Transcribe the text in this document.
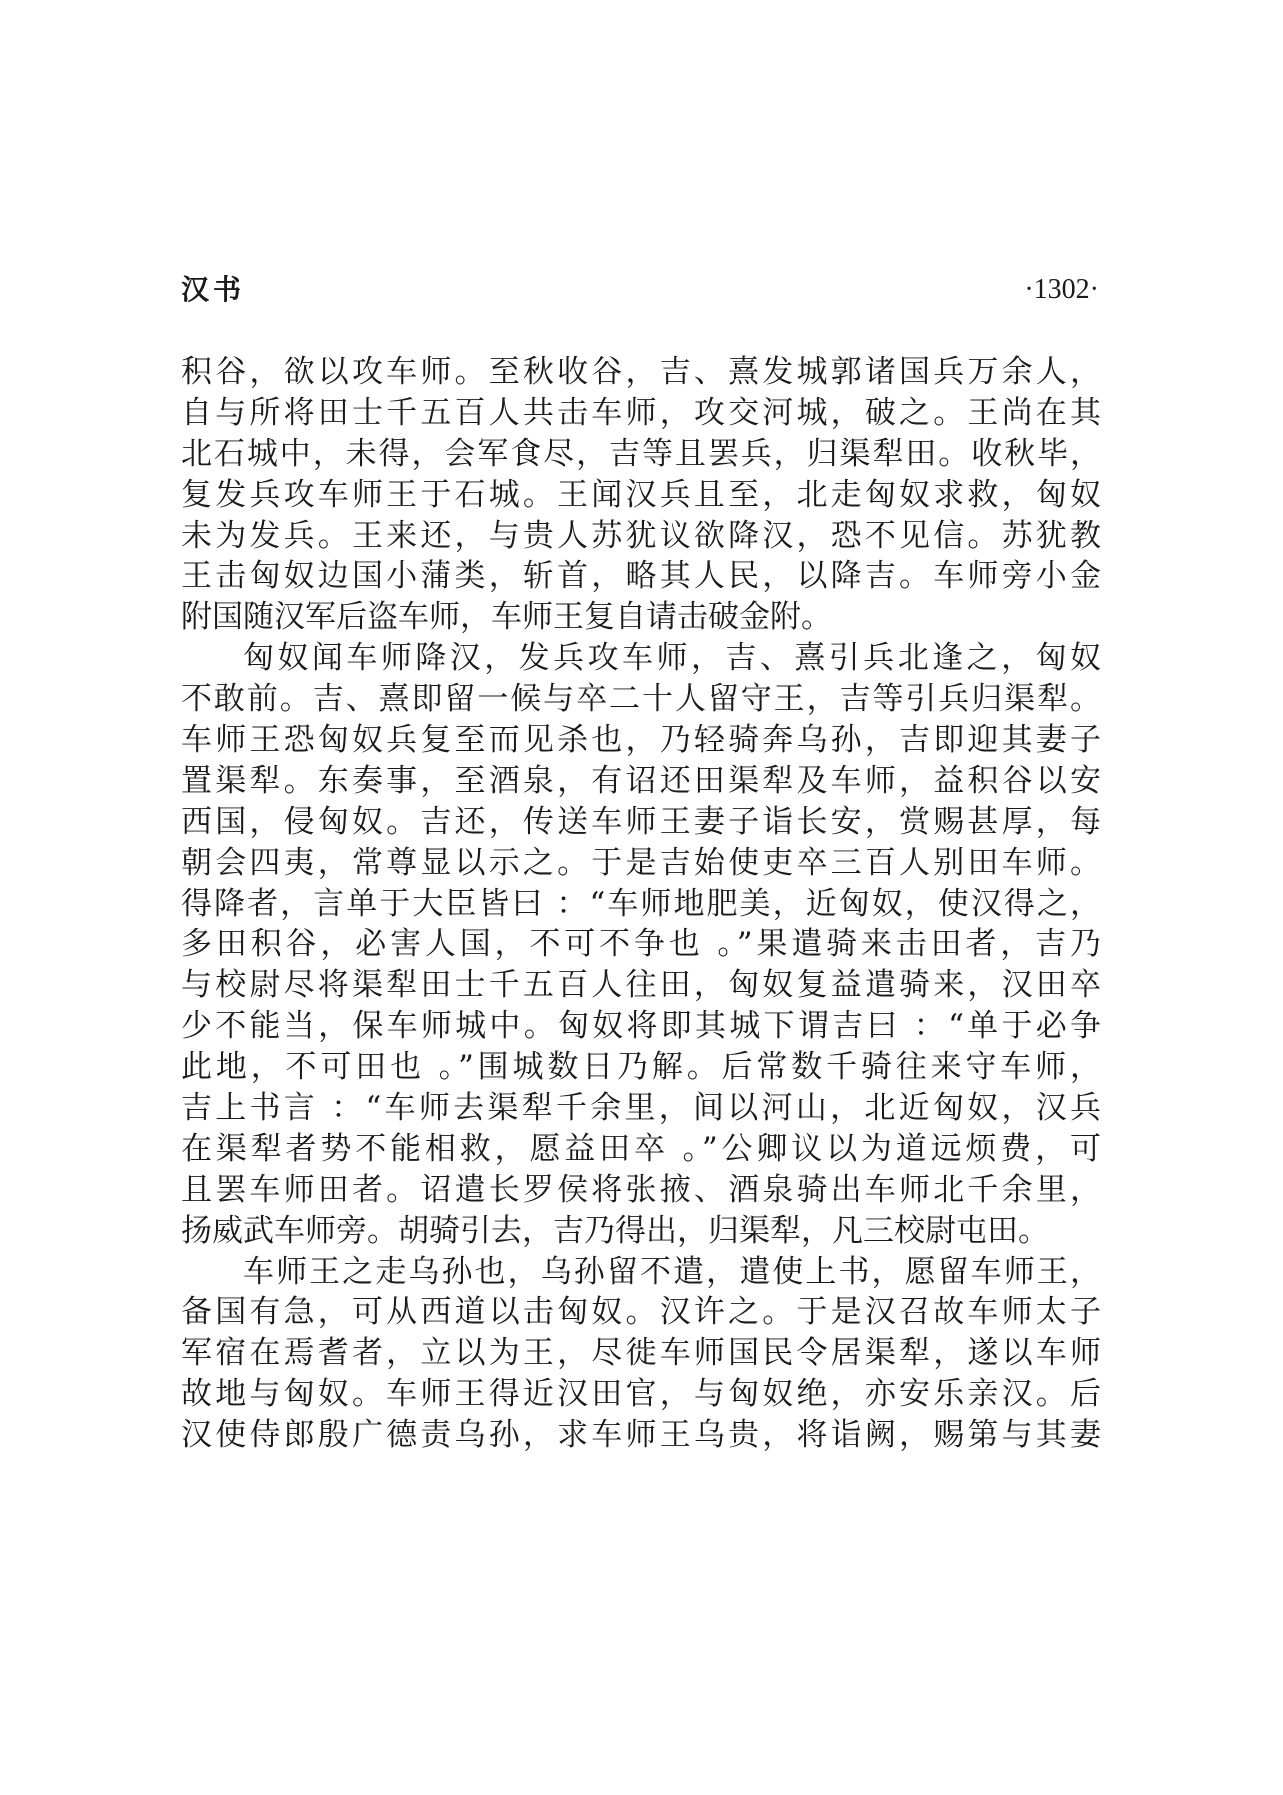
汉书	·1302·
积谷，欲以攻车师。至秋收谷，吉、熹发城郭诸国兵万余人，
自与所将田士千五百人共击车师，攻交河城，破之。王尚在其
北石城中，未得，会军食尽，吉等且罢兵，归渠犁田。收秋毕，
复发兵攻车师王于石城。王闻汉兵且至，北走匈奴求救，匈奴
未为发兵。王来还，与贵人苏犹议欲降汉，恐不见信。苏犹教
王击匈奴边国小蒲类，斩首，略其人民，以降吉。车师旁小金
附国随汉军后盗车师，车师王复自请击破金附。
匈奴闻车师降汉，发兵攻车师，吉、熹引兵北逢之，匈奴
不敢前。吉、熹即留一候与卒二十人留守王，吉等引兵归渠犁。
车师王恐匈奴兵复至而见杀也，乃轻骑奔乌孙，吉即迎其妻子
置渠犁。东奏事，至酒泉，有诏还田渠犁及车师，益积谷以安
西国，侵匈奴。吉还，传送车师王妻子诣长安，赏赐甚厚，每
朝会四夷，常尊显以示之。于是吉始使吏卒三百人别田车师。
得降者，言单于大臣皆曰 ：“车师地肥美，近匈奴，使汉得之，
多田积谷，必害人国，不可不争也 。”果遣骑来击田者，吉乃
与校尉尽将渠犁田士千五百人往田，匈奴复益遣骑来，汉田卒
少不能当，保车师城中。匈奴将即其城下谓吉曰 ：“单于必争
此地，不可田也 。”围城数日乃解。后常数千骑往来守车师，
吉上书言 ：“车师去渠犁千余里，间以河山，北近匈奴，汉兵
在渠犁者势不能相救，愿益田卒 。”公卿议以为道远烦费，可
且罢车师田者。诏遣长罗侯将张掖、酒泉骑出车师北千余里，
扬威武车师旁。胡骑引去，吉乃得出，归渠犁，凡三校尉屯田。
车师王之走乌孙也，乌孙留不遣，遣使上书，愿留车师王，
备国有急，可从西道以击匈奴。汉许之。于是汉召故车师太子
军宿在焉耆者，立以为王，尽徙车师国民令居渠犁，遂以车师
故地与匈奴。车师王得近汉田官，与匈奴绝，亦安乐亲汉。后
汉使侍郎殷广德责乌孙，求车师王乌贵，将诣阙，赐第与其妻
